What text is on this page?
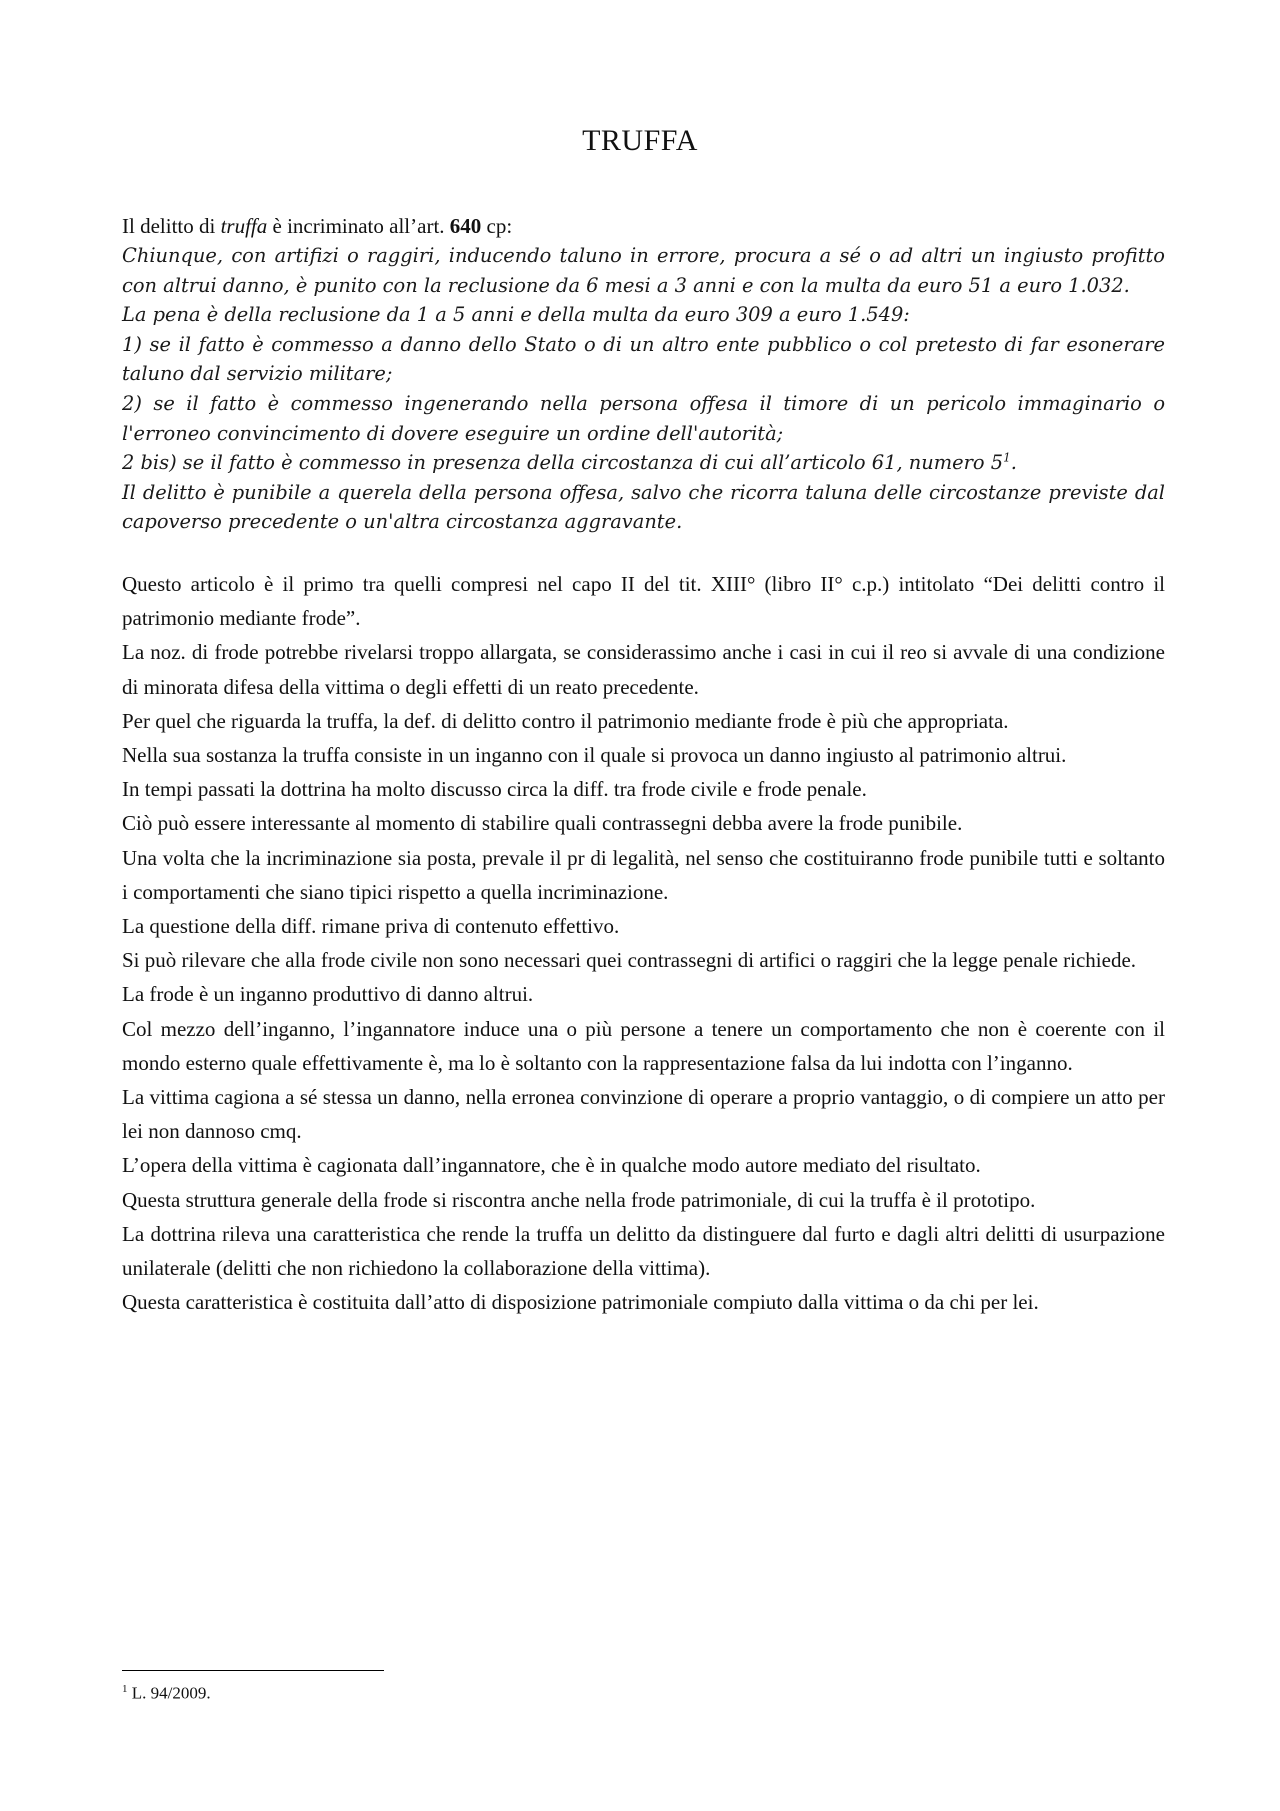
TRUFFA

Il delitto di truffa è incriminato all’art. 640 cp:

Chiunque, con artifizi o raggiri, inducendo taluno in errore, procura a sé o ad altri un ingiusto profitto con altrui danno, è punito con la reclusione da 6 mesi a 3 anni e con la multa da euro 51 a euro 1.032.

La pena è della reclusione da 1 a 5 anni e della multa da euro 309 a euro 1.549:

1) se il fatto è commesso a danno dello Stato o di un altro ente pubblico o col pretesto di far esonerare taluno dal servizio militare;

2) se il fatto è commesso ingenerando nella persona offesa il timore di un pericolo immaginario o l'erroneo convincimento di dovere eseguire un ordine dell'autorità;

2 bis) se il fatto è commesso in presenza della circostanza di cui all’articolo 61, numero $5^1$.

Il delitto è punibile a querela della persona offesa, salvo che ricorra taluna delle circostanze previste dal capoverso precedente o un'altra circostanza aggravante.

Questo articolo è il primo tra quelli compresi nel capo II del tit. XIII° (libro II° c.p.) intitolato “Dei delitti contro il patrimonio mediante frode”.

La noz. di frode potrebbe rivelarsi troppo allargata, se considerassimo anche i casi in cui il reo si avvale di una condizione di minorata difesa della vittima o degli effetti di un reato precedente.

Per quel che riguarda la truffa, la def. di delitto contro il patrimonio mediante frode è più che appropriata.

Nella sua sostanza la truffa consiste in un inganno con il quale si provoca un danno ingiusto al patrimonio altrui.

In tempi passati la dottrina ha molto discusso circa la diff. tra frode civile e frode penale.

Ciò può essere interessante al momento di stabilire quali contrassegni debba avere la frode punibile.

Una volta che la incriminazione sia posta, prevale il pr di legalità, nel senso che costituiranno frode punibile tutti e soltanto i comportamenti che siano tipici rispetto a quella incriminazione.

La questione della diff. rimane priva di contenuto effettivo.

Si può rilevare che alla frode civile non sono necessari quei contrassegni di artifici o raggiri che la legge penale richiede.

La frode è un inganno produttivo di danno altrui.

Col mezzo dell’inganno, l’ingannatore induce una o più persone a tenere un comportamento che non è coerente con il mondo esterno quale effettivamente è, ma lo è soltanto con la rappresentazione falsa da lui indotta con l’inganno.

La vittima cagiona a sé stessa un danno, nella erronea convinzione di operare a proprio vantaggio, o di compiere un atto per lei non dannoso cmq.

L’opera della vittima è cagionata dall’ingannatore, che è in qualche modo autore mediato del risultato.

Questa struttura generale della frode si riscontra anche nella frode patrimoniale, di cui la truffa è il prototipo.

La dottrina rileva una caratteristica che rende la truffa un delitto da distinguere dal furto e dagli altri delitti di usurpazione unilaterale (delitti che non richiedono la collaborazione della vittima).

Questa caratteristica è costituita dall’atto di disposizione patrimoniale compiuto dalla vittima o da chi per lei.

$^1$ L. 94/2009.
